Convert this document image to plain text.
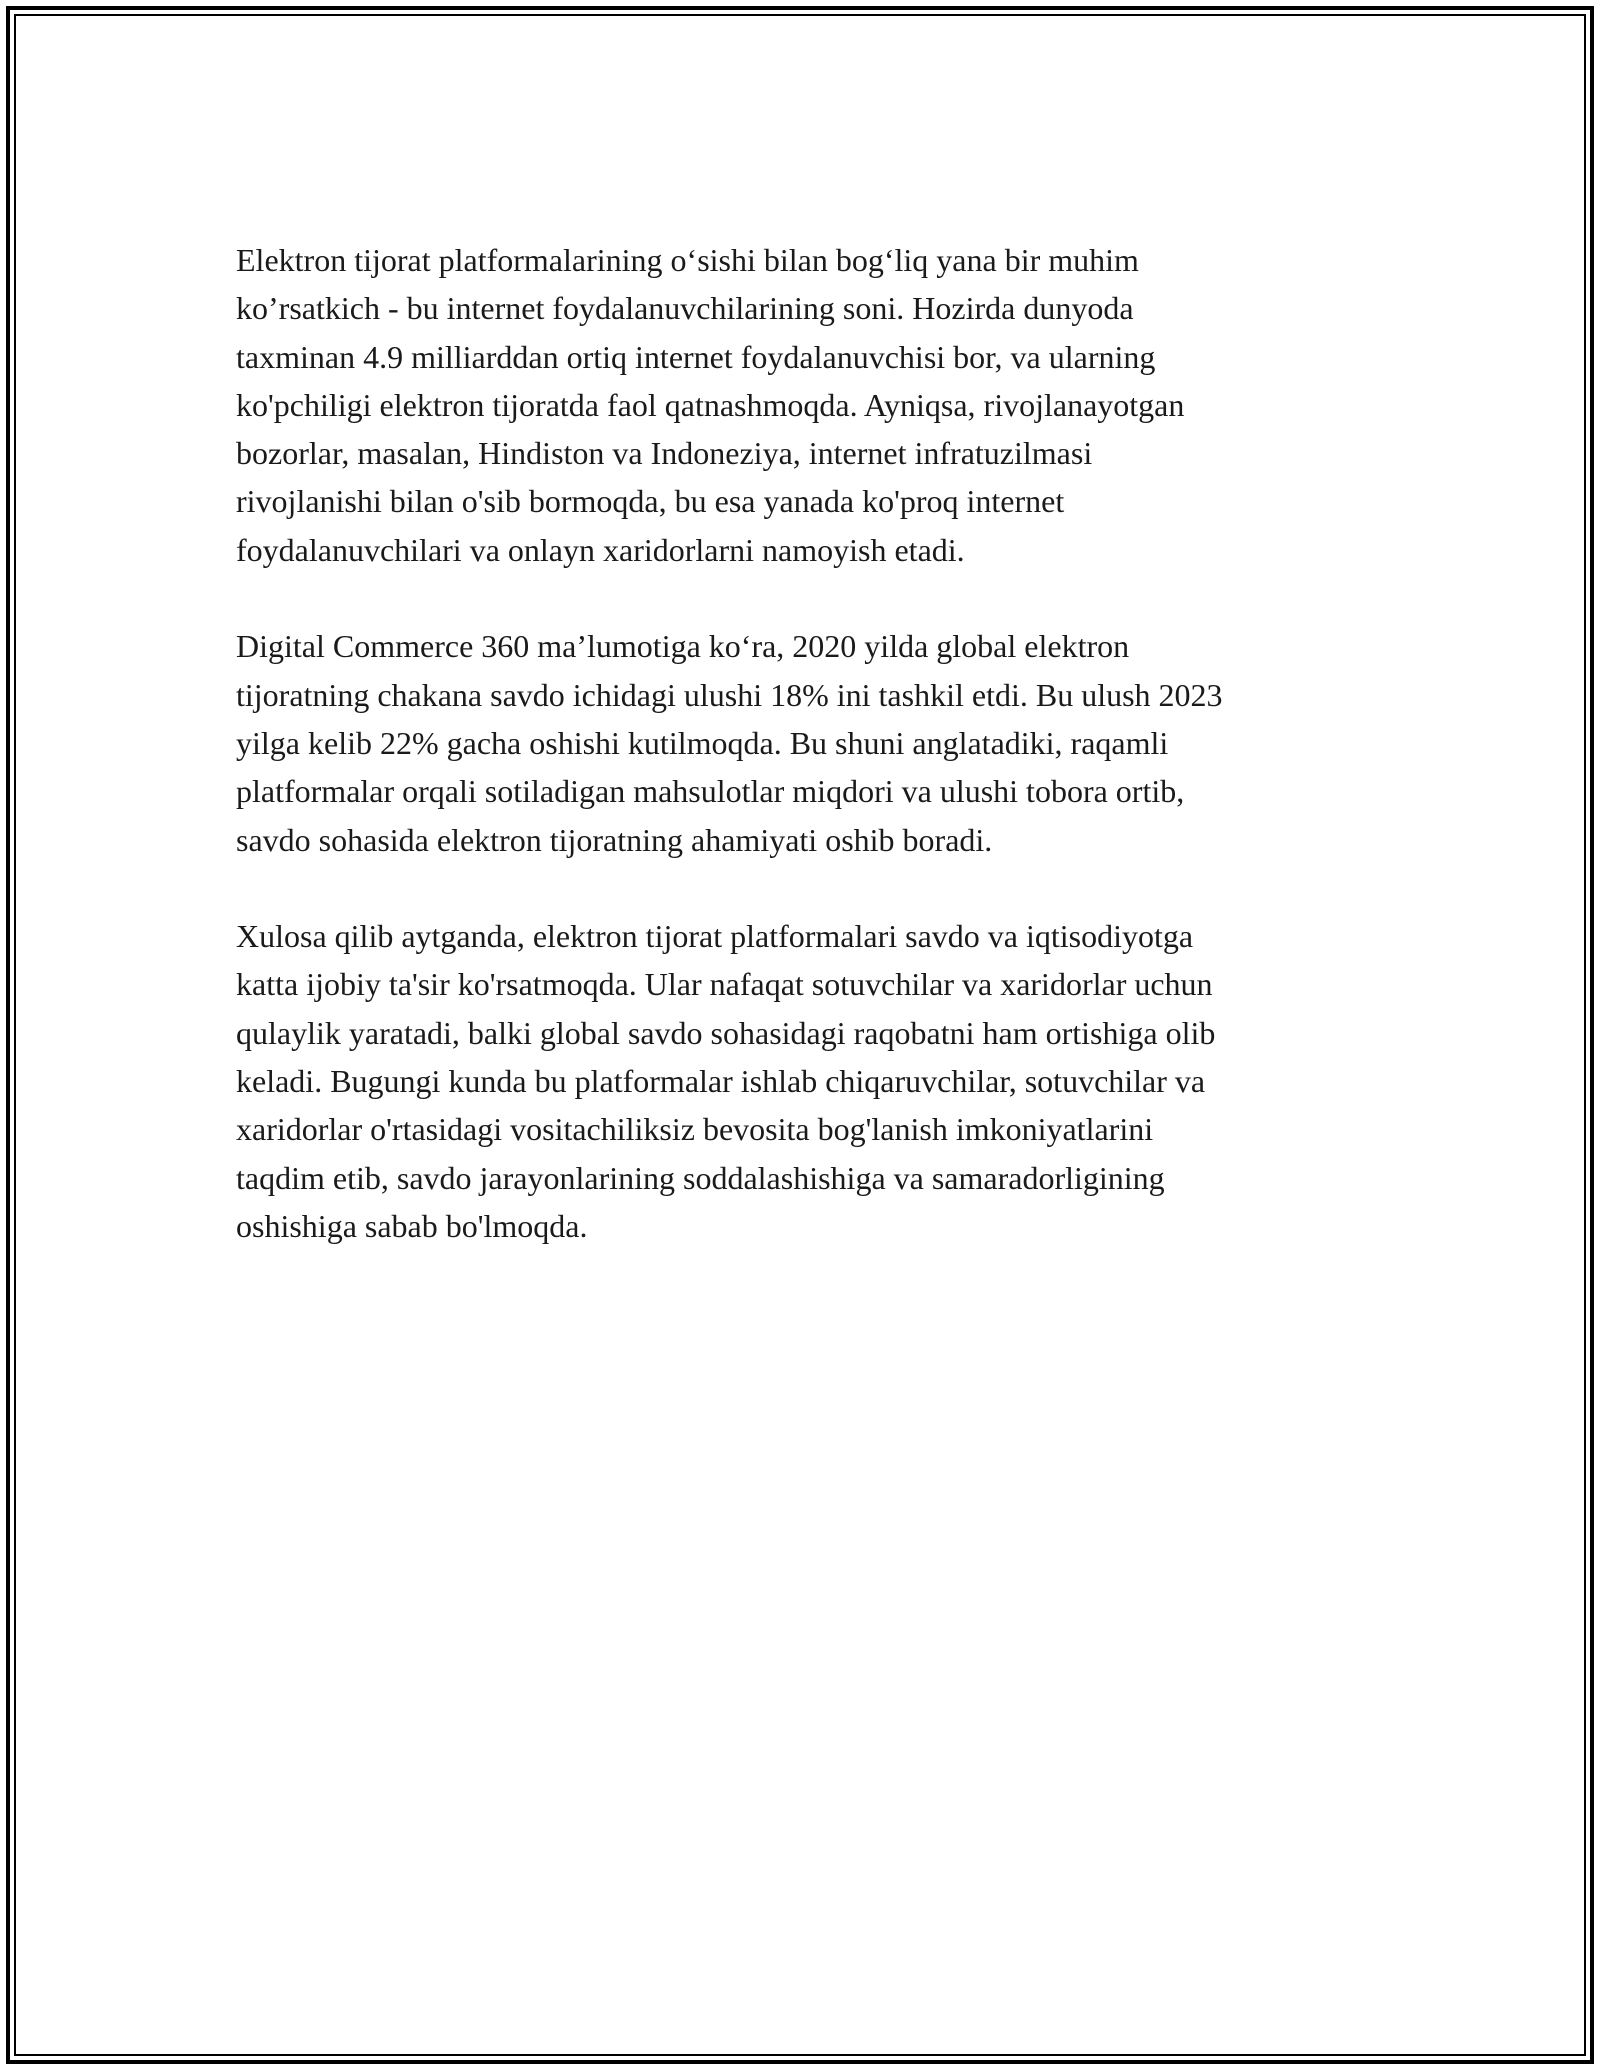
Elektron tijorat platformalarining o‘sishi bilan bog‘liq yana bir muhim
ko’rsatkich - bu internet foydalanuvchilarining soni. Hozirda dunyoda
taxminan 4.9 milliarddan ortiq internet foydalanuvchisi bor, va ularning
ko'pchiligi elektron tijoratda faol qatnashmoqda. Ayniqsa, rivojlanayotgan
bozorlar, masalan, Hindiston va Indoneziya, internet infratuzilmasi
rivojlanishi bilan o'sib bormoqda, bu esa yanada ko'proq internet
foydalanuvchilari va onlayn xaridorlarni namoyish etadi.

Digital Commerce 360 ma’lumotiga ko‘ra, 2020 yilda global elektron
tijoratning chakana savdo ichidagi ulushi 18% ini tashkil etdi. Bu ulush 2023
yilga kelib 22% gacha oshishi kutilmoqda. Bu shuni anglatadiki, raqamli
platformalar orqali sotiladigan mahsulotlar miqdori va ulushi tobora ortib,
savdo sohasida elektron tijoratning ahamiyati oshib boradi.

Xulosa qilib aytganda, elektron tijorat platformalari savdo va iqtisodiyotga
katta ijobiy ta'sir ko'rsatmoqda. Ular nafaqat sotuvchilar va xaridorlar uchun
qulaylik yaratadi, balki global savdo sohasidagi raqobatni ham ortishiga olib
keladi. Bugungi kunda bu platformalar ishlab chiqaruvchilar, sotuvchilar va
xaridorlar o'rtasidagi vositachiliksiz bevosita bog'lanish imkoniyatlarini
taqdim etib, savdo jarayonlarining soddalashishiga va samaradorligining
oshishiga sabab bo'lmoqda.
